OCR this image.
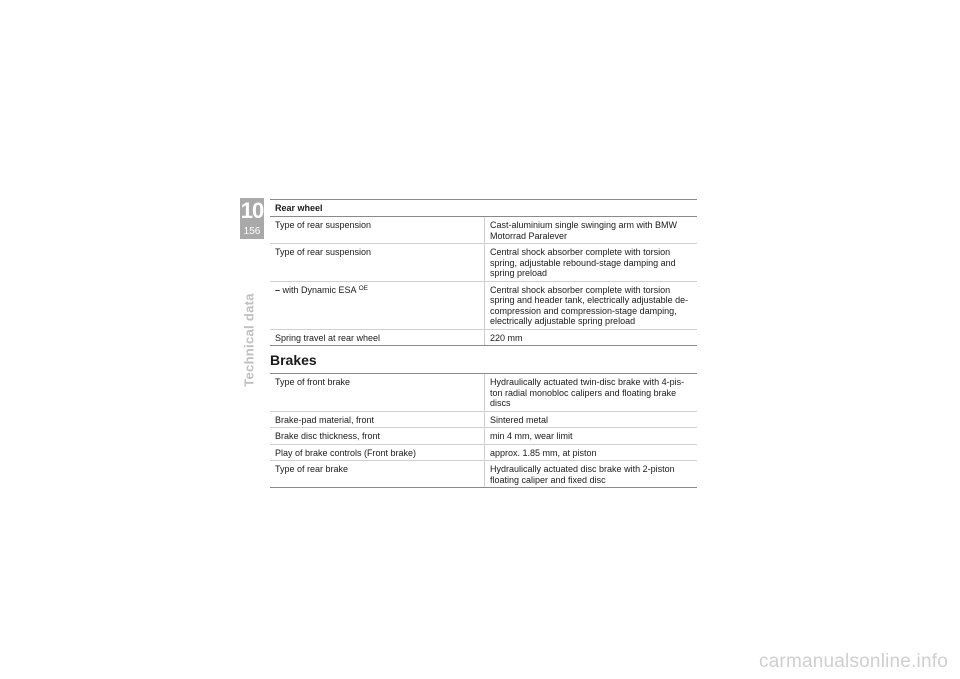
10
156
Technical data
Rear wheel
Type of rear suspension	Cast-aluminium single swinging arm with BMW Motorrad Paralever
Type of rear suspension	Central shock absorber complete with torsion spring, adjustable rebound-stage damping and spring preload
– with Dynamic ESA $^{OE}$	Central shock absorber complete with torsion spring and header tank, electrically adjustable de-compression and compression-stage damping, electrically adjustable spring preload
Spring travel at rear wheel	220 mm
Brakes
Type of front brake	Hydraulically actuated twin-disc brake with 4-pis-ton radial monobloc calipers and floating brake discs
Brake-pad material, front	Sintered metal
Brake disc thickness, front	min 4 mm, wear limit
Play of brake controls (Front brake)	approx. 1.85 mm, at piston
Type of rear brake	Hydraulically actuated disc brake with 2-piston floating caliper and fixed disc
carmanualsonline.info
